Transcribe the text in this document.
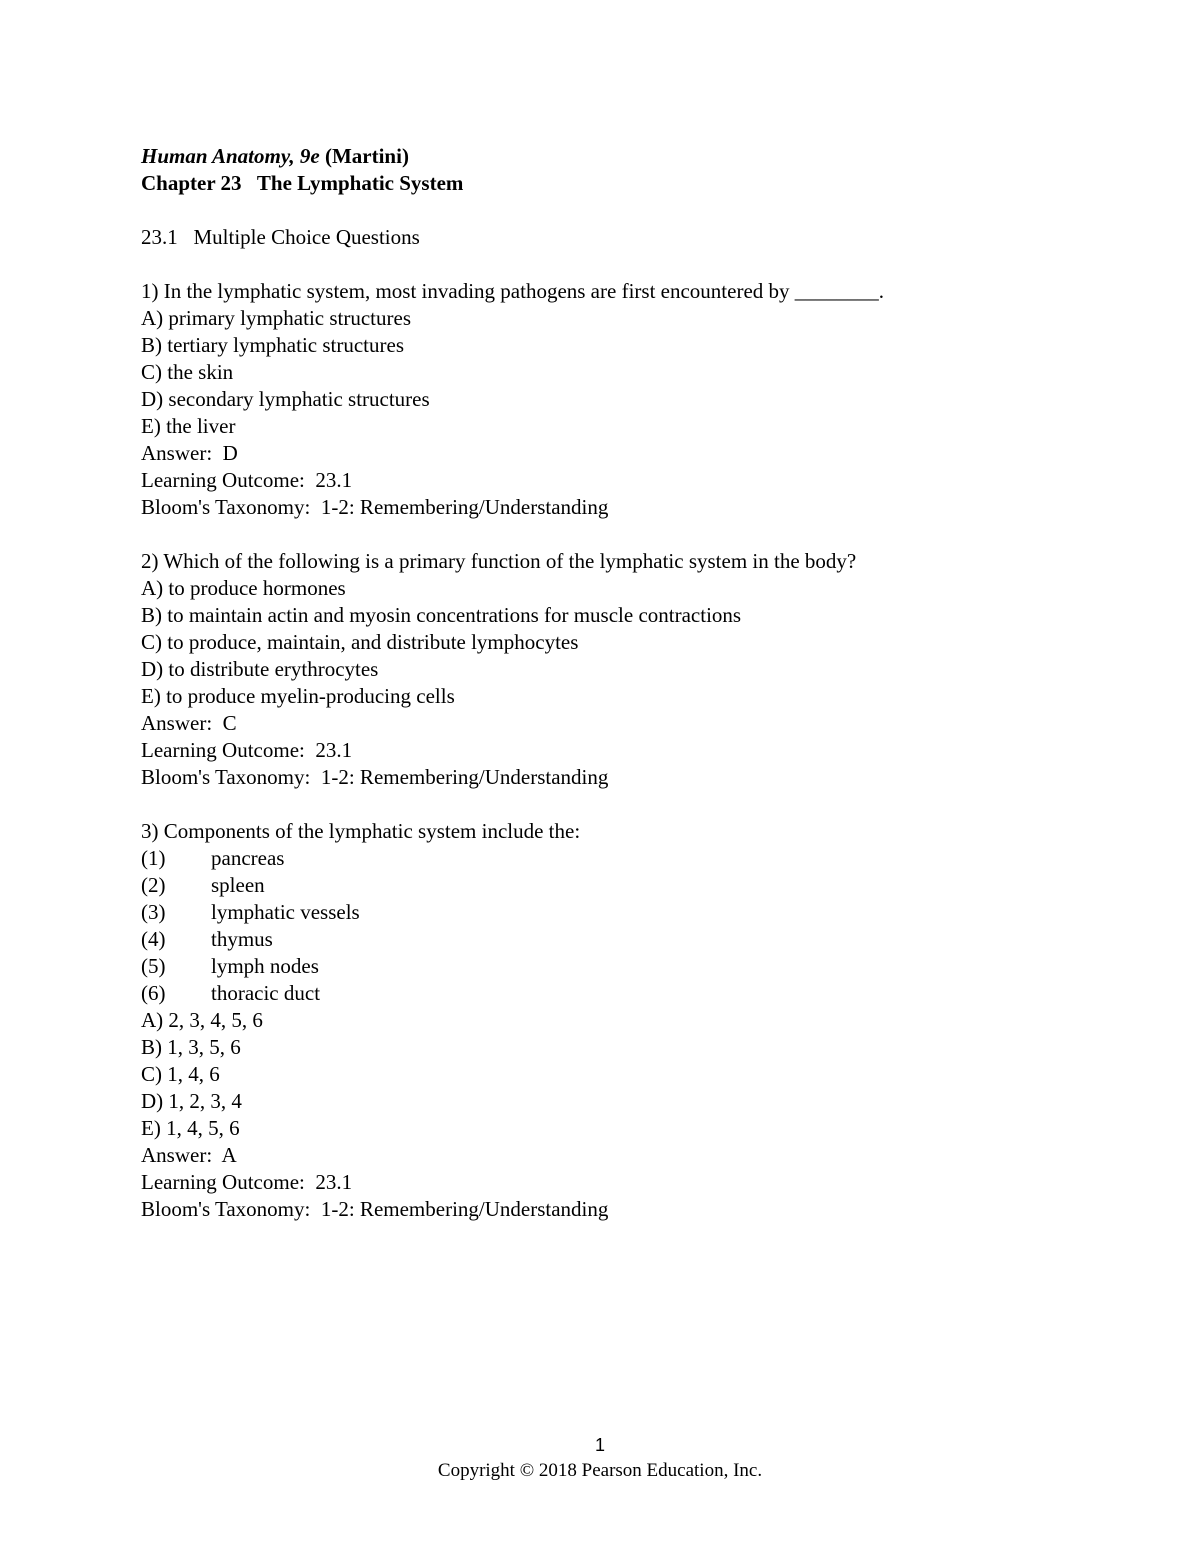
Human Anatomy, 9e (Martini)
Chapter 23   The Lymphatic System
23.1   Multiple Choice Questions
1) In the lymphatic system, most invading pathogens are first encountered by ________.
A) primary lymphatic structures
B) tertiary lymphatic structures
C) the skin
D) secondary lymphatic structures
E) the liver
Answer:  D
Learning Outcome:  23.1
Bloom's Taxonomy:  1-2: Remembering/Understanding
2) Which of the following is a primary function of the lymphatic system in the body?
A) to produce hormones
B) to maintain actin and myosin concentrations for muscle contractions
C) to produce, maintain, and distribute lymphocytes
D) to distribute erythrocytes
E) to produce myelin-producing cells
Answer:  C
Learning Outcome:  23.1
Bloom's Taxonomy:  1-2: Remembering/Understanding
3) Components of the lymphatic system include the:
(1)	pancreas
(2)	spleen
(3)	lymphatic vessels
(4)	thymus
(5)	lymph nodes
(6)	thoracic duct
A) 2, 3, 4, 5, 6
B) 1, 3, 5, 6
C) 1, 4, 6
D) 1, 2, 3, 4
E) 1, 4, 5, 6
Answer:  A
Learning Outcome:  23.1
Bloom's Taxonomy:  1-2: Remembering/Understanding
1
Copyright © 2018 Pearson Education, Inc.
